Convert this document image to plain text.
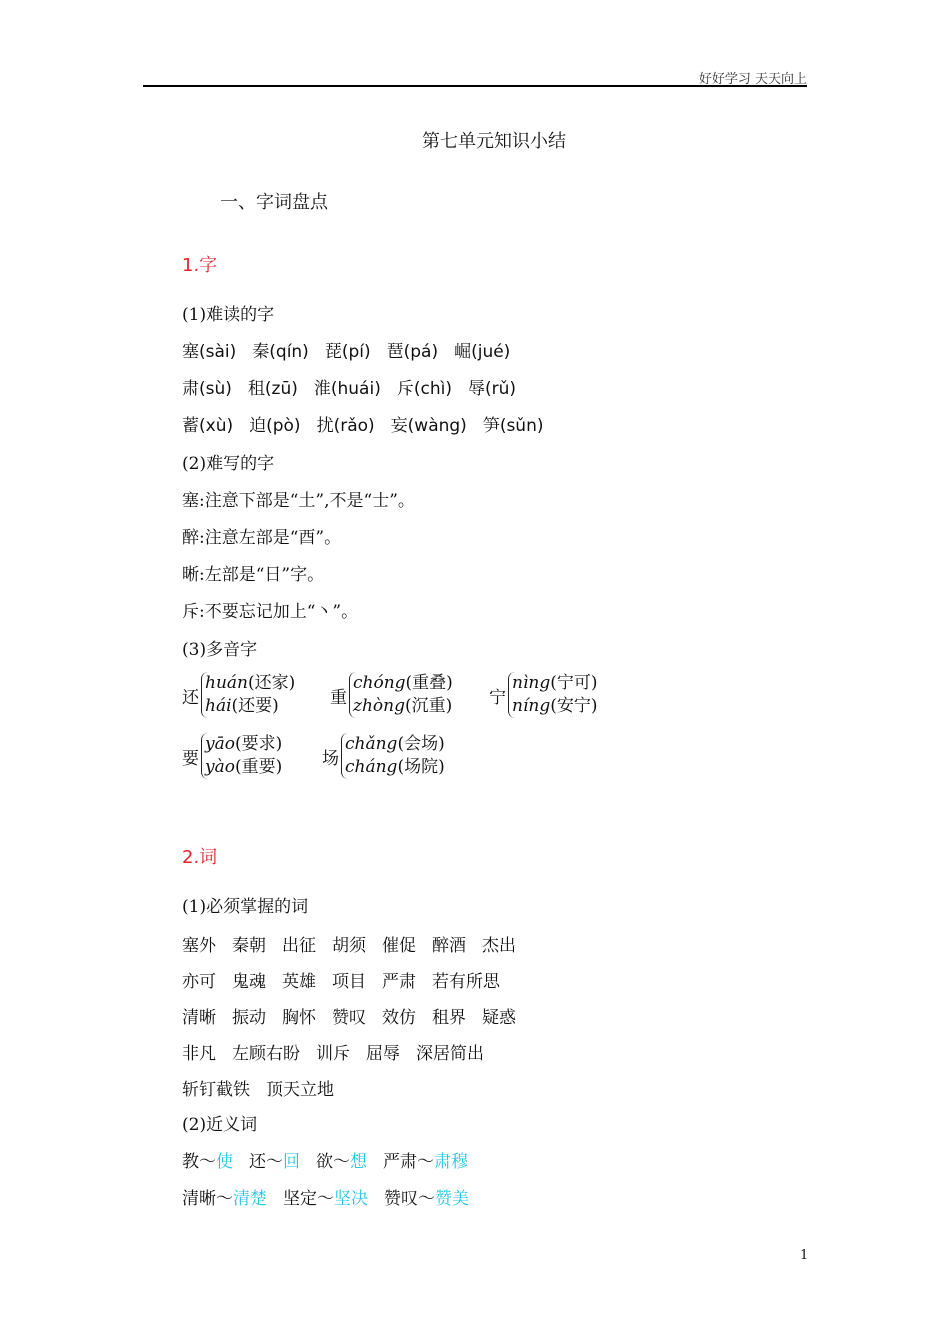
好好学习 天天向上
第七单元知识小结
一、字词盘点
1.字
(1)难读的字
塞(sài) 秦(qín) 琵(pí) 琶(pá) 崛(jué)
肃(sù) 租(zū) 淮(huái) 斥(chì) 辱(rǔ)
蓄(xù) 迫(pò) 扰(rǎo) 妄(wàng) 笋(sǔn)
(2)难写的字
塞:注意下部是“土”,不是“士”。
醉:注意左部是“酉”。
晰:左部是“日”字。
斥:不要忘记加上“丶”。
(3)多音字
还
huán(还家)
hái(还要)	重
chóng(重叠)
zhòng(沉重) 宁
nìng(宁可)
níng(安宁)
要
yāo(要求)
yào(重要) 场
chǎng(会场)
cháng(场院)
2.词
(1)必须掌握的词
塞外 秦朝 出征 胡须 催促 醉酒 杰出
亦可 鬼魂 英雄 项目 严肃 若有所思
清晰 振动 胸怀 赞叹 效仿 租界 疑惑
非凡 左顾右盼 训斥 屈辱 深居简出
斩钉截铁 顶天立地
(2)近义词
教～使 还～回 欲～想 严肃～肃穆
清晰～清楚 坚定～坚决 赞叹～赞美
1
